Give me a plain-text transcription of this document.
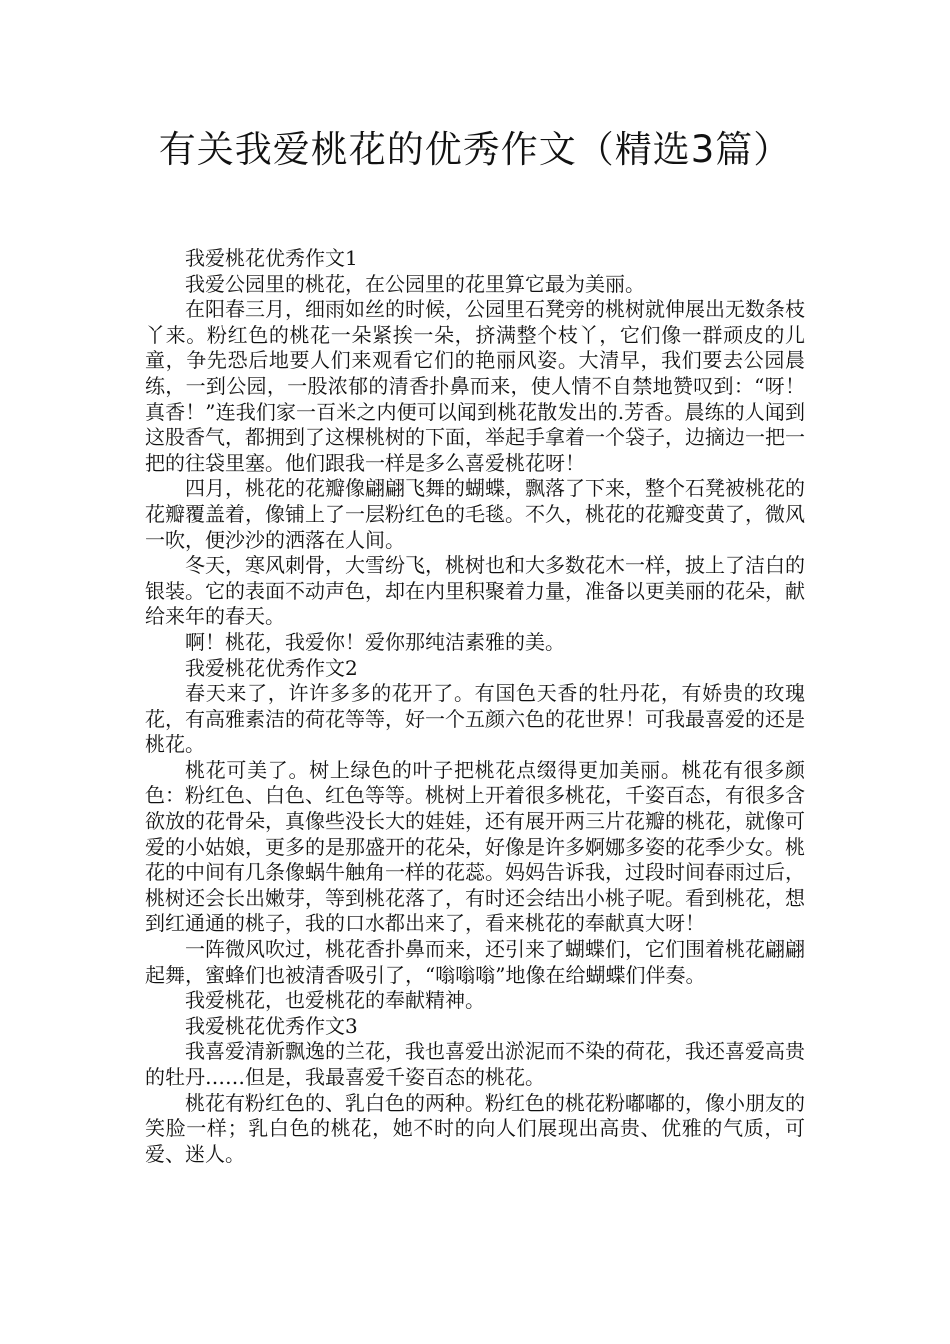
有关我爱桃花的优秀作文（精选3篇）

我爱桃花优秀作文1

我爱公园里的桃花，在公园里的花里算它最为美丽。

在阳春三月，细雨如丝的时候，公园里石凳旁的桃树就伸展出无数条枝丫来。粉红色的桃花一朵紧挨一朵，挤满整个枝丫，它们像一群顽皮的儿童，争先恐后地要人们来观看它们的艳丽风姿。大清早，我们要去公园晨练，一到公园，一股浓郁的清香扑鼻而来，使人情不自禁地赞叹到：“呀！真香！”连我们家一百米之内便可以闻到桃花散发出的.芳香。晨练的人闻到这股香气，都拥到了这棵桃树的下面，举起手拿着一个袋子，边摘边一把一把的往袋里塞。他们跟我一样是多么喜爱桃花呀！

四月，桃花的花瓣像翩翩飞舞的蝴蝶，飘落了下来，整个石凳被桃花的花瓣覆盖着，像铺上了一层粉红色的毛毯。不久，桃花的花瓣变黄了，微风一吹，便沙沙的洒落在人间。

冬天，寒风刺骨，大雪纷飞，桃树也和大多数花木一样，披上了洁白的银装。它的表面不动声色，却在内里积聚着力量，准备以更美丽的花朵，献给来年的春天。

啊！桃花，我爱你！爱你那纯洁素雅的美。

我爱桃花优秀作文2

春天来了，许许多多的花开了。有国色天香的牡丹花，有娇贵的玫瑰花，有高雅素洁的荷花等等，好一个五颜六色的花世界！可我最喜爱的还是桃花。

桃花可美了。树上绿色的叶子把桃花点缀得更加美丽。桃花有很多颜色：粉红色、白色、红色等等。桃树上开着很多桃花，千姿百态，有很多含欲放的花骨朵，真像些没长大的娃娃，还有展开两三片花瓣的桃花，就像可爱的小姑娘，更多的是那盛开的花朵，好像是许多婀娜多姿的花季少女。桃花的中间有几条像蜗牛触角一样的花蕊。妈妈告诉我，过段时间春雨过后，桃树还会长出嫩芽，等到桃花落了，有时还会结出小桃子呢。看到桃花，想到红通通的桃子，我的口水都出来了，看来桃花的奉献真大呀！

一阵微风吹过，桃花香扑鼻而来，还引来了蝴蝶们，它们围着桃花翩翩起舞，蜜蜂们也被清香吸引了，“嗡嗡嗡”地像在给蝴蝶们伴奏。

我爱桃花，也爱桃花的奉献精神。

我爱桃花优秀作文3

我喜爱清新飘逸的兰花，我也喜爱出淤泥而不染的荷花，我还喜爱高贵的牡丹……但是，我最喜爱千姿百态的桃花。

桃花有粉红色的、乳白色的两种。粉红色的桃花粉嘟嘟的，像小朋友的笑脸一样；乳白色的桃花，她不时的向人们展现出高贵、优雅的气质，可爱、迷人。
